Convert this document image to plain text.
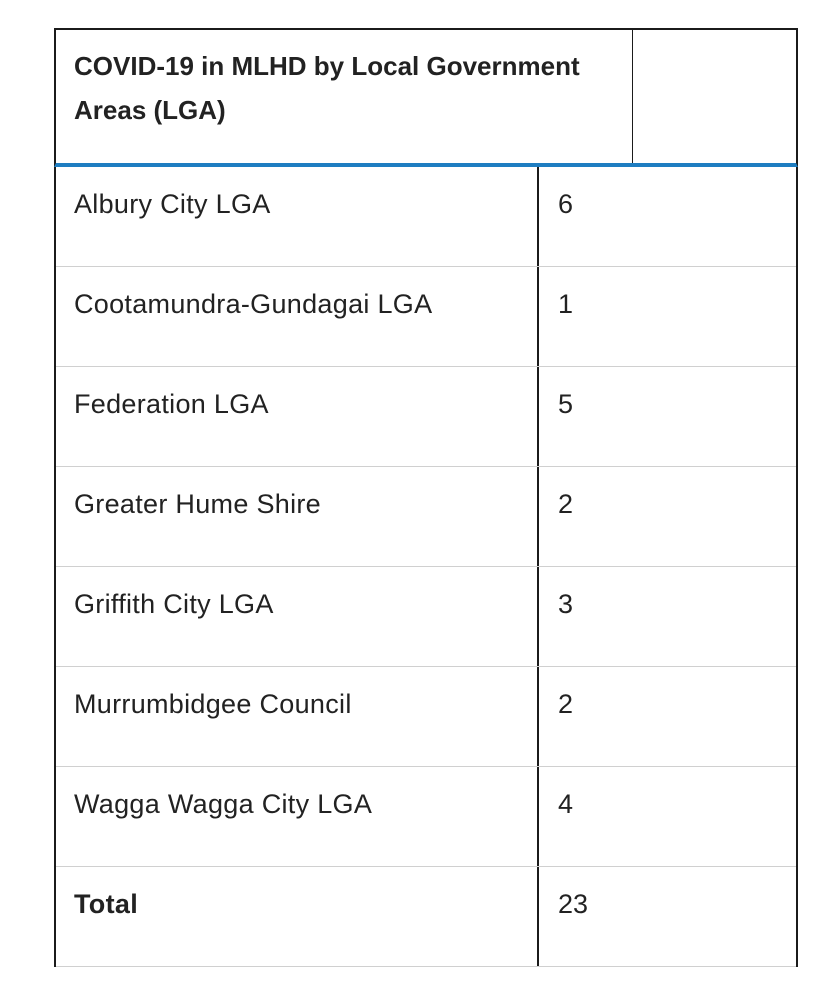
COVID-19 in MLHD by Local Government Areas (LGA)
Albury City LGA	6
Cootamundra-Gundagai LGA	1
Federation LGA	5
Greater Hume Shire	2
Griffith City LGA	3
Murrumbidgee Council	2
Wagga Wagga City LGA	4
Total	23
